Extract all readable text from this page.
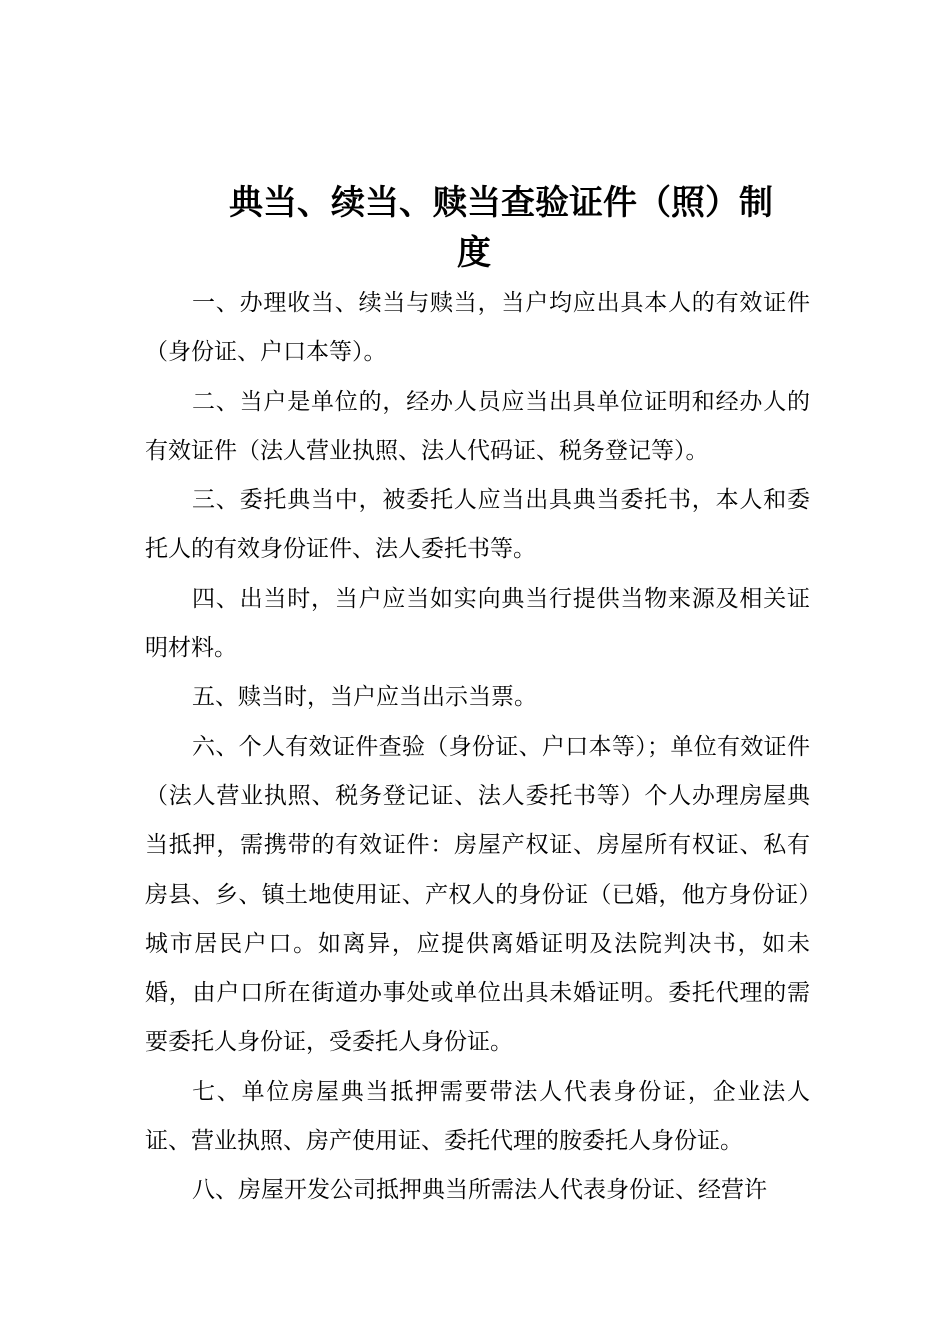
典当、续当、赎当查验证件（照）制
度

一、办理收当、续当与赎当，当户均应出具本人的有效证件（身份证、户口本等）。

二、当户是单位的，经办人员应当出具单位证明和经办人的有效证件（法人营业执照、法人代码证、税务登记等）。

三、委托典当中，被委托人应当出具典当委托书，本人和委托人的有效身份证件、法人委托书等。

四、出当时，当户应当如实向典当行提供当物来源及相关证明材料。

五、赎当时，当户应当出示当票。

六、个人有效证件查验（身份证、户口本等）；单位有效证件（法人营业执照、税务登记证、法人委托书等）个人办理房屋典当抵押，需携带的有效证件：房屋产权证、房屋所有权证、私有房县、乡、镇土地使用证、产权人的身份证（已婚，他方身份证）城市居民户口。如离异，应提供离婚证明及法院判决书，如未婚，由户口所在街道办事处或单位出具未婚证明。委托代理的需要委托人身份证，受委托人身份证。

七、单位房屋典当抵押需要带法人代表身份证，企业法人证、营业执照、房产使用证、委托代理的胺委托人身份证。

八、房屋开发公司抵押典当所需法人代表身份证、经营许
